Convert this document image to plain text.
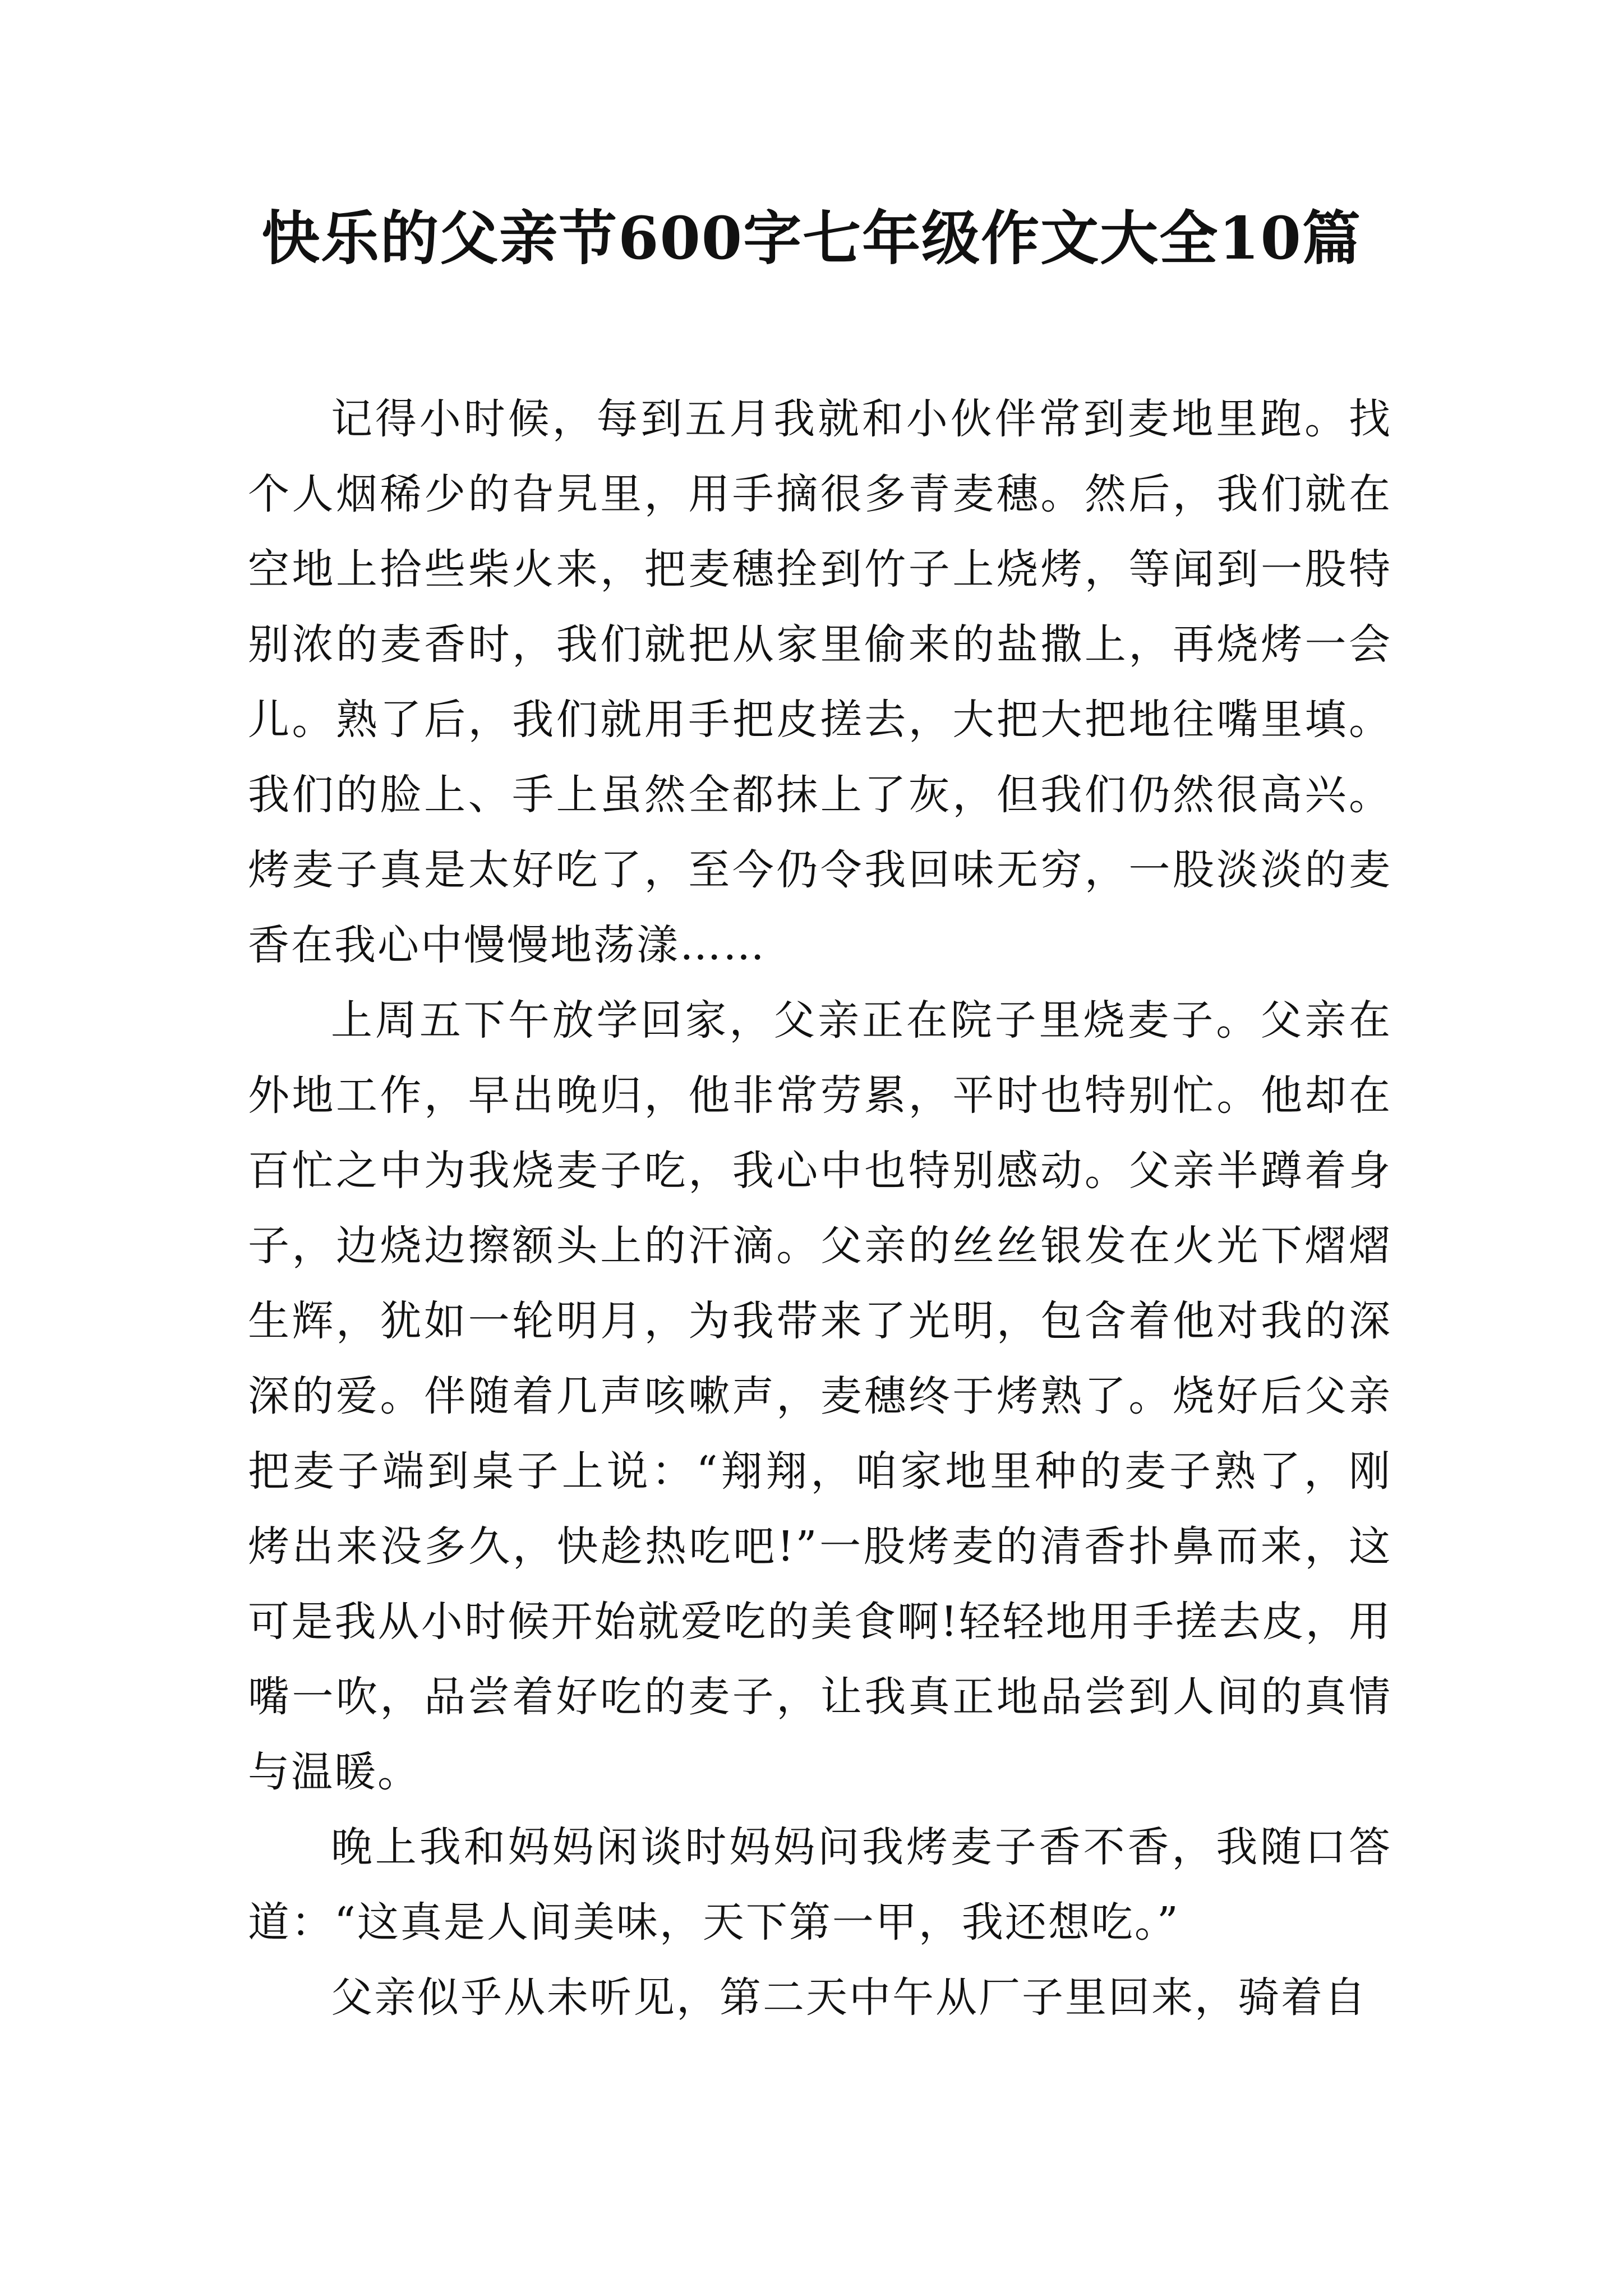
快乐的父亲节600字七年级作文大全10篇

记得小时候，每到五月我就和小伙伴常到麦地里跑。找个人烟稀少的旮旯里，用手摘很多青麦穗。然后，我们就在空地上拾些柴火来，把麦穗拴到竹子上烧烤，等闻到一股特别浓的麦香时，我们就把从家里偷来的盐撒上，再烧烤一会儿。熟了后，我们就用手把皮搓去，大把大把地往嘴里填。我们的脸上、手上虽然全都抹上了灰，但我们仍然很高兴。烤麦子真是太好吃了，至今仍令我回味无穷，一股淡淡的麦香在我心中慢慢地荡漾……

上周五下午放学回家，父亲正在院子里烧麦子。父亲在外地工作，早出晚归，他非常劳累，平时也特别忙。他却在百忙之中为我烧麦子吃，我心中也特别感动。父亲半蹲着身子，边烧边擦额头上的汗滴。父亲的丝丝银发在火光下熠熠生辉，犹如一轮明月，为我带来了光明，包含着他对我的深深的爱。伴随着几声咳嗽声，麦穗终于烤熟了。烧好后父亲把麦子端到桌子上说：“翔翔，咱家地里种的麦子熟了，刚烤出来没多久，快趁热吃吧!”一股烤麦的清香扑鼻而来，这可是我从小时候开始就爱吃的美食啊!轻轻地用手搓去皮，用嘴一吹，品尝着好吃的麦子，让我真正地品尝到人间的真情与温暖。

晚上我和妈妈闲谈时妈妈问我烤麦子香不香，我随口答道：“这真是人间美味，天下第一甲，我还想吃。”

父亲似乎从未听见，第二天中午从厂子里回来，骑着自
